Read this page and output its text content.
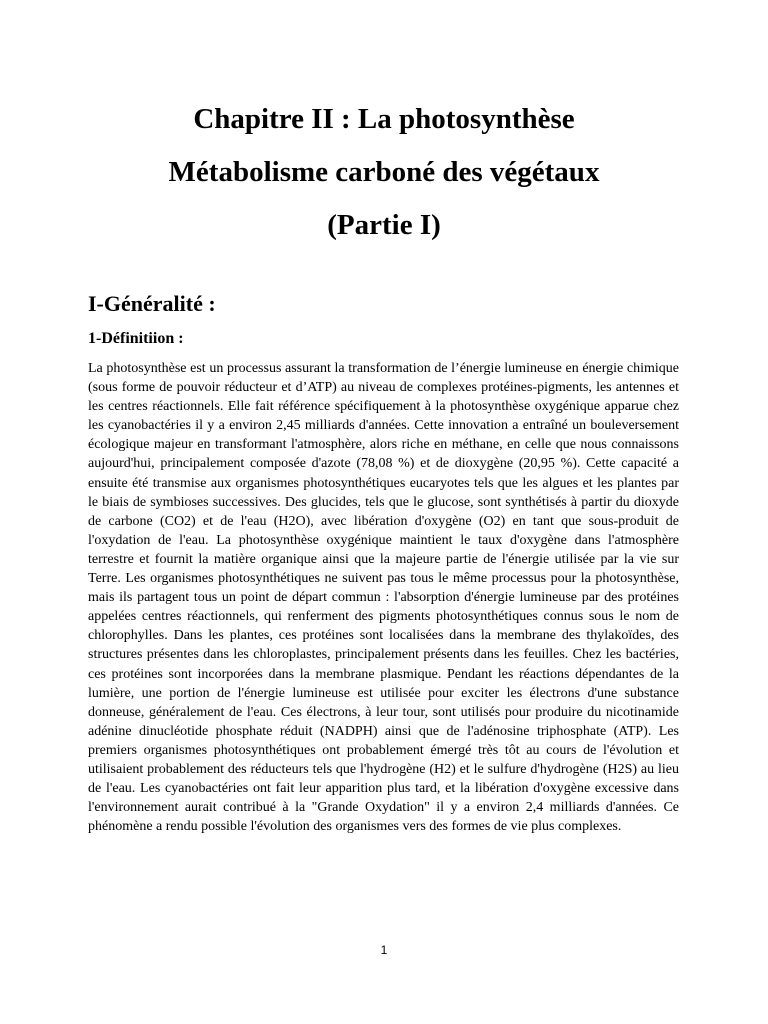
Chapitre II : La photosynthèse

Métabolisme carboné des végétaux

(Partie I)

I-Généralité :
1-Définitiion :

La photosynthèse est un processus assurant la transformation de l’énergie lumineuse en énergie chimique (sous forme de pouvoir réducteur et d’ATP) au niveau de complexes protéines-pigments, les antennes et les centres réactionnels. Elle fait référence spécifiquement à la photosynthèse oxygénique apparue chez les cyanobactéries il y a environ 2,45 milliards d'années. Cette innovation a entraîné un bouleversement écologique majeur en transformant l'atmosphère, alors riche en méthane, en celle que nous connaissons aujourd'hui, principalement composée d'azote (78,08 %) et de dioxygène (20,95 %). Cette capacité a ensuite été transmise aux organismes photosynthétiques eucaryotes tels que les algues et les plantes par le biais de symbioses successives. Des glucides, tels que le glucose, sont synthétisés à partir du dioxyde de carbone (CO2) et de l'eau (H2O), avec libération d'oxygène (O2) en tant que sous-produit de l'oxydation de l'eau. La photosynthèse oxygénique maintient le taux d'oxygène dans l'atmosphère terrestre et fournit la matière organique ainsi que la majeure partie de l'énergie utilisée par la vie sur Terre. Les organismes photosynthétiques ne suivent pas tous le même processus pour la photosynthèse, mais ils partagent tous un point de départ commun : l'absorption d'énergie lumineuse par des protéines appelées centres réactionnels, qui renferment des pigments photosynthétiques connus sous le nom de chlorophylles. Dans les plantes, ces protéines sont localisées dans la membrane des thylakoïdes, des structures présentes dans les chloroplastes, principalement présents dans les feuilles. Chez les bactéries, ces protéines sont incorporées dans la membrane plasmique. Pendant les réactions dépendantes de la lumière, une portion de l'énergie lumineuse est utilisée pour exciter les électrons d'une substance donneuse, généralement de l'eau. Ces électrons, à leur tour, sont utilisés pour produire du nicotinamide adénine dinucléotide phosphate réduit (NADPH) ainsi que de l'adénosine triphosphate (ATP). Les premiers organismes photosynthétiques ont probablement émergé très tôt au cours de l'évolution et utilisaient probablement des réducteurs tels que l'hydrogène (H2) et le sulfure d'hydrogène (H2S) au lieu de l'eau. Les cyanobactéries ont fait leur apparition plus tard, et la libération d'oxygène excessive dans l'environnement aurait contribué à la "Grande Oxydation" il y a environ 2,4 milliards d'années. Ce phénomène a rendu possible l'évolution des organismes vers des formes de vie plus complexes.

1
